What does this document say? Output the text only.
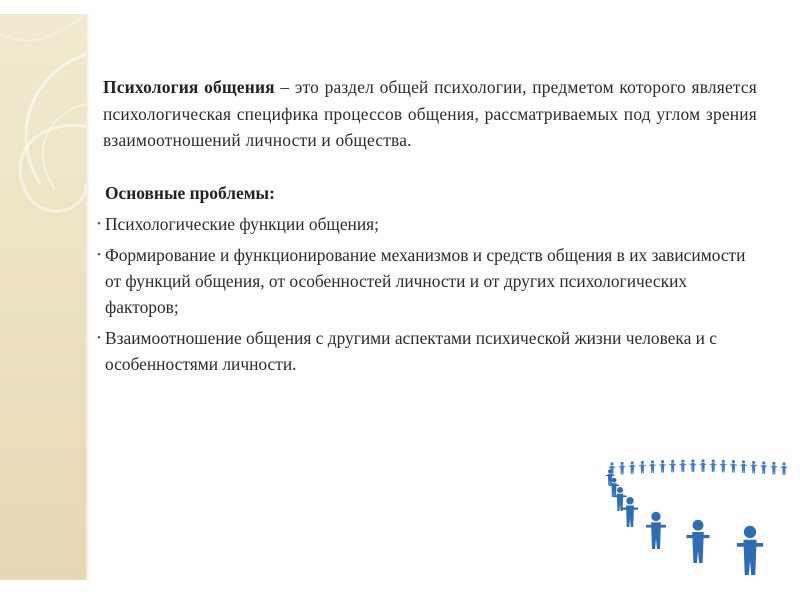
Психология общения – это раздел общей психологии, предметом которого является психологическая специфика процессов общения, рассматриваемых под углом зрения взаимоотношений личности и общества.

Основные проблемы:
• Психологические функции общения;
• Формирование и функционирование механизмов и средств общения в их зависимости от функций общения, от особенностей личности и от других психологических факторов;
• Взаимоотношение общения с другими аспектами психической жизни человека и с особенностями личности.
